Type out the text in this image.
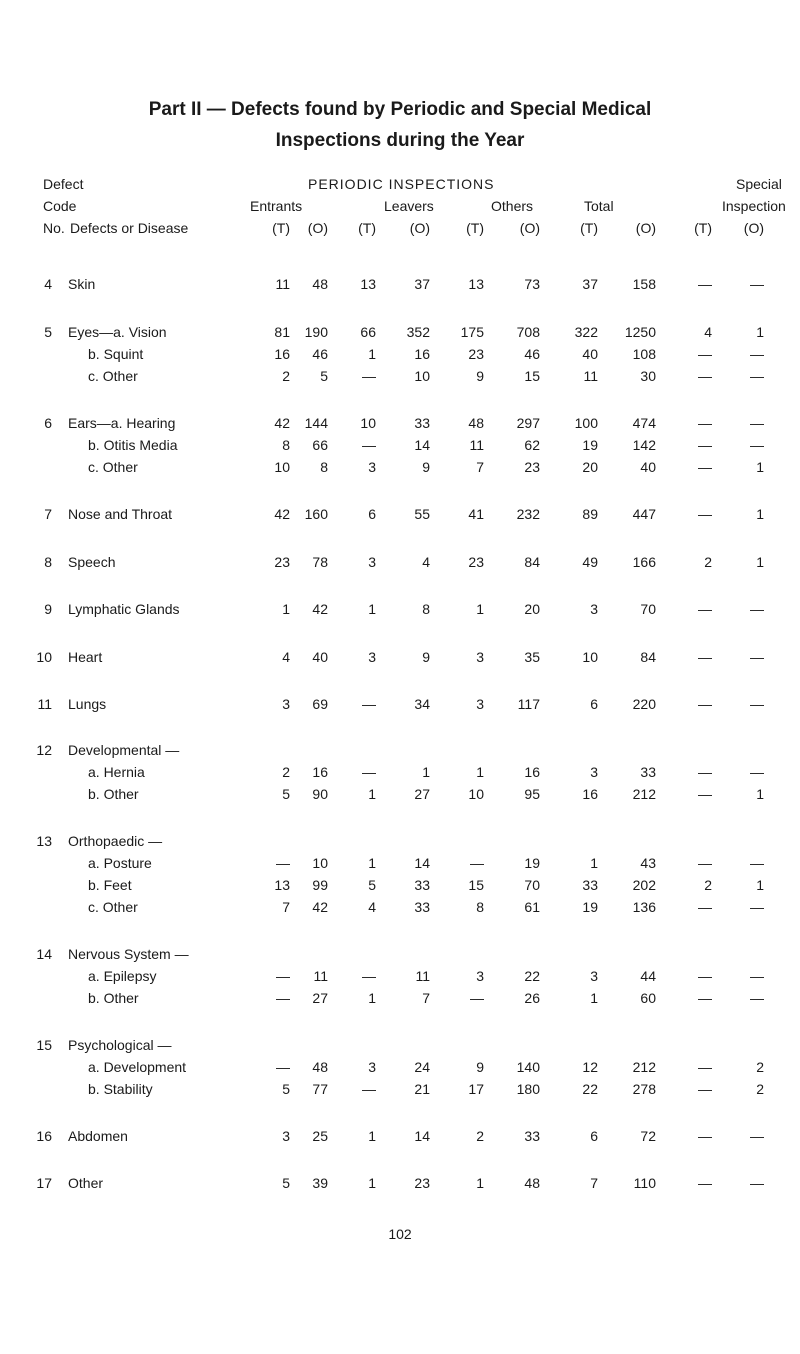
Part II — Defects found by Periodic and Special Medical
Inspections during the Year
Defect
Code
No. Defects or Disease
PERIODIC INSPECTIONS	Special
Inspection
Entrants	Leavers	Others	Total
(T)	(O)	(T)	(O)	(T)	(O)	(T)	(O)	(T)	(O)
4 Skin	11	48	13	37	13	73	37	158	—	—
5 Eyes—a. Vision	81	190	66	352	175	708	322	1250	4	1
b. Squint	16	46	1	16	23	46	40	108	—	—
c. Other	2	5	—	10	9	15	11	30	—	—
6 Ears—a. Hearing	42	144	10	33	48	297	100	474	—	—
b. Otitis Media	8	66	—	14	11	62	19	142	—	—
c. Other	10	8	3	9	7	23	20	40	—	1
7 Nose and Throat	42	160	6	55	41	232	89	447	—	1
8 Speech	23	78	3	4	23	84	49	166	2	1
9 Lymphatic Glands	1	42	1	8	1	20	3	70	—	—
10 Heart	4	40	3	9	3	35	10	84	—	—
11 Lungs	3	69	—	34	3	117	6	220	—	—
12 Developmental —
a. Hernia	2	16	—	1	1	16	3	33	—	—
b. Other	5	90	1	27	10	95	16	212	—	1
13 Orthopaedic —
a. Posture	—	10	1	14	—	19	1	43	—	—
b. Feet	13	99	5	33	15	70	33	202	2	1
c. Other	7	42	4	33	8	61	19	136	—	—
14 Nervous System —
a. Epilepsy	—	11	—	11	3	22	3	44	—	—
b. Other	—	27	1	7	—	26	1	60	—	—
15 Psychological —
a. Development	—	48	3	24	9	140	12	212	—	2
b. Stability	5	77	—	21	17	180	22	278	—	2
16 Abdomen	3	25	1	14	2	33	6	72	—	—
17 Other	5	39	1	23	1	48	7	110	—	—
102
